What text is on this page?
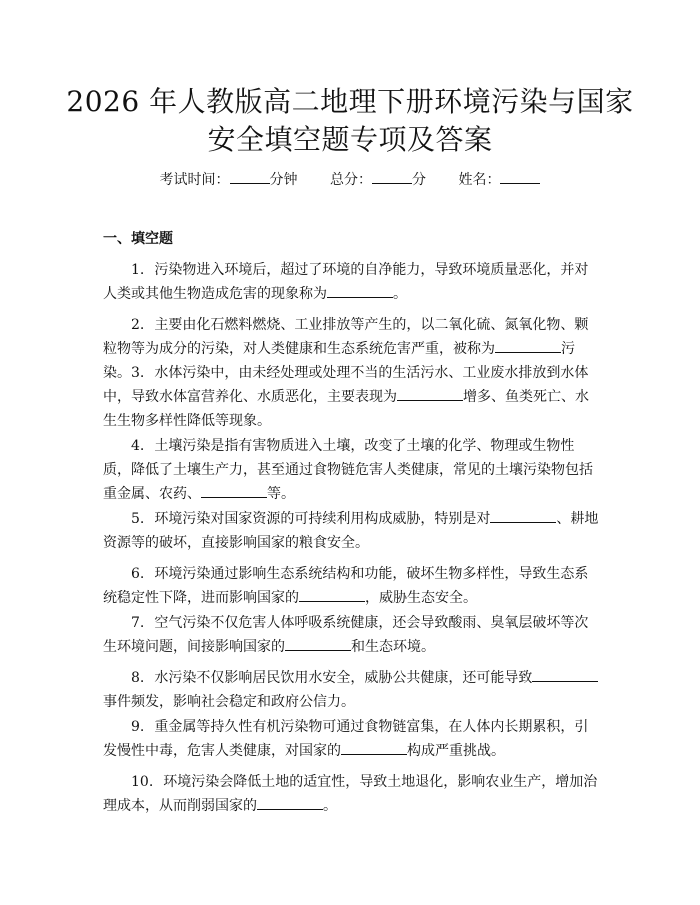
2026 年人教版高二地理下册环境污染与国家
安全填空题专项及答案
考试时间：	分钟 总分：	分 姓名：
一、填空题

1. 污染物进入环境后，超过了环境的自净能力，导致环境质量恶化，并对人类或其他生物造成危害的现象称为	。

2. 主要由化石燃料燃烧、工业排放等产生的，以二氧化硫、氮氧化物、颗粒物等为成分的污染，对人类健康和生态系统危害严重，被称为	污染。 3. 水体污染中，由未经处理或处理不当的生活污水、工业废水排放到水体中，导致水体富营养化、水质恶化，主要表现为	增多、鱼类死亡、水生生物多样性降低等现象。

4. 土壤污染是指有害物质进入土壤，改变了土壤的化学、物理或生物性质，降低了土壤生产力，甚至通过食物链危害人类健康，常见的土壤污染物包括重金属、农药、	等。

5. 环境污染对国家资源的可持续利用构成威胁，特别是对	、耕地资源等的破坏，直接影响国家的粮食安全。

6. 环境污染通过影响生态系统结构和功能，破坏生物多样性，导致生态系统稳定性下降，进而影响国家的	，威胁生态安全。

7. 空气污染不仅危害人体呼吸系统健康，还会导致酸雨、臭氧层破坏等次生环境问题，间接影响国家的	和生态环境。

8. 水污染不仅影响居民饮用水安全，威胁公共健康，还可能导致事件频发，影响社会稳定和政府公信力。

9. 重金属等持久性有机污染物可通过食物链富集，在人体内长期累积，引发慢性中毒，危害人类健康，对国家的	构成严重挑战。

10. 环境污染会降低土地的适宜性，导致土地退化，影响农业生产，增加治理成本，从而削弱国家的	。
